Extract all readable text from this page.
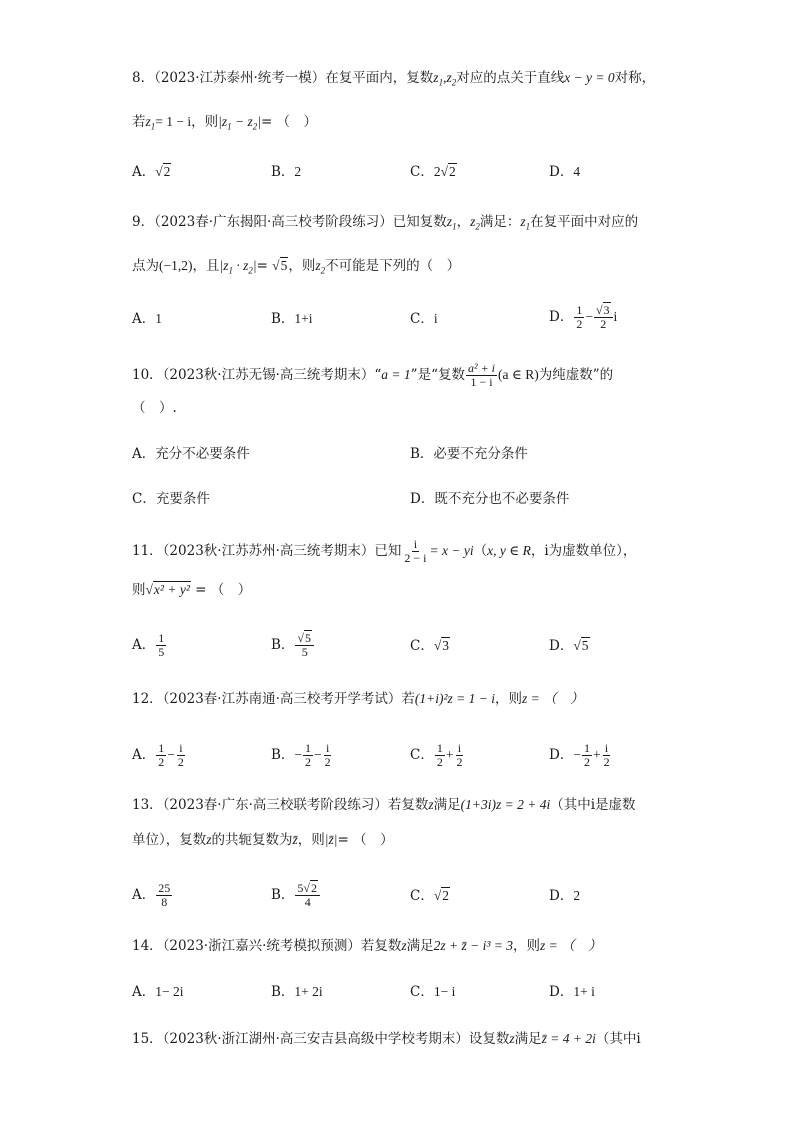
8．（2023·江苏泰州·统考一模）在复平面内，复数$z_1,z_2$对应的点关于直线x − y = 0对称，
若$z_1= 1 - i$，则$|z_1 - z_2|=$ （　）
A．√2	B．2	C．2√2	D．4
9．（2023春·广东揭阳·高三校考阶段练习）已知复数$z_1$，$z_2$满足：$z_1$在复平面中对应的
点为(−1,2)，且$|z_1 \cdot z_2|= √5$，则$z_2$不可能是下列的（　）
A．1	B．1+i	C．i	D． $\frac{1}{2} - \frac{√3}{2}$ i
10．（2023秋·江苏无锡·高三统考期末）“a = 1”是“复数 $\frac{\text{a² + i}}{1 - i} (a$ ∈ R)为纯虚数”的
（　）.
A．充分不必要条件	B．必要不充分条件
C．充要条件	D．既不充分也不必要条件
11．（2023秋·江苏苏州·高三统考期末）已知 $\frac{i}{2 - i} = x - yi(x$, y ∈ R，i为虚数单位），
则√x² + y² = （　）
A． $\frac{1}{5}$	B． $\frac{√5}{5}$	C．√3	D．√5
12．（2023春·江苏南通·高三校考开学考试）若(1+i)²z = 1 − i，则z = （　）
A． $\frac{1}{2} - \frac{i}{2}$	B．− $\frac{1}{2} - \frac{i}{2}$	C． $\frac{1}{2} + \frac{i}{2}$	D．− $\frac{1}{2} + \frac{i}{2}$
13．（2023春·广东·高三校联考阶段练习）若复数z满足(1+3i)z = 2 + 4i（其中i是虚数
单位），复数z的共轭复数为z̄，则|z̄|= （　）
A． $\frac{25}{8}$	B． $\frac{5√2}{4}$	C．√2	D．2
14．（2023·浙江嘉兴·统考模拟预测）若复数z满足2z + z̄ − i³ = 3，则z = （　）
A．1− 2i	B．1+ 2i	C．1− i	D．1+ i
15．（2023秋·浙江湖州·高三安吉县高级中学校考期末）设复数z满足z̄ = 4 + 2i（其中i
